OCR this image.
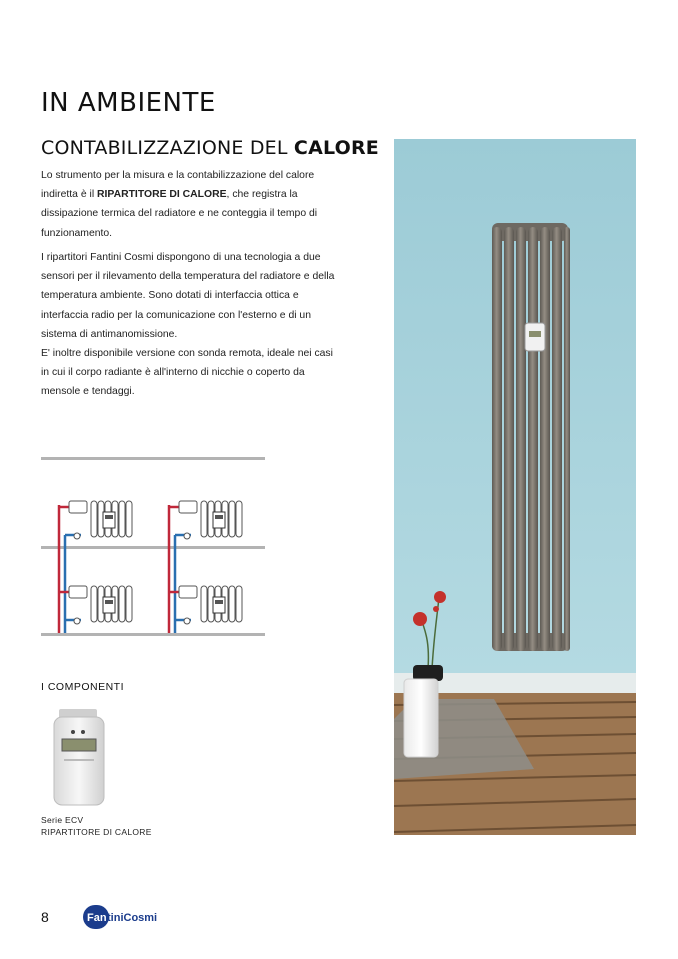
IN AMBIENTE
CONTABILIZZAZIONE DEL CALORE

Lo strumento per la misura e la contabilizzazione del calore indiretta è il RIPARTITORE DI CALORE, che registra la dissipazione termica del radiatore e ne conteggia il tempo di funzionamento.

I ripartitori Fantini Cosmi dispongono di una tecnologia a due sensori per il rilevamento della temperatura del radiatore e della temperatura ambiente. Sono dotati di interfaccia ottica e interfaccia radio per la comunicazione con l'esterno e di un sistema di antimanomissione.

E' inoltre disponibile versione con sonda remota, ideale nei casi in cui il corpo radiante è all'interno di nicchie o coperto da mensole e tendaggi.

I COMPONENTI
Serie ECV
RIPARTITORE DI CALORE
8	Fan tiniCosmi
